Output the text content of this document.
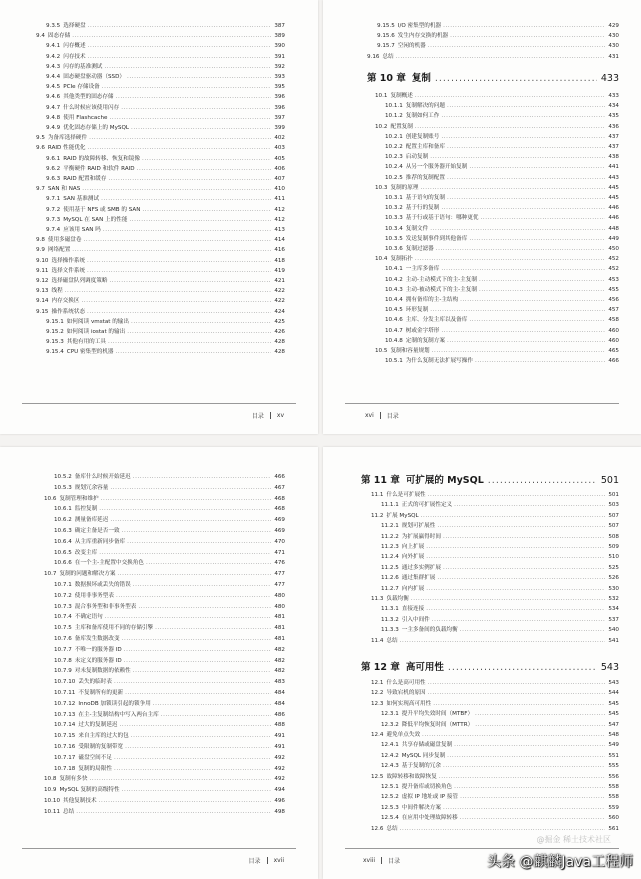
9.3.5 选择硬盘 .....	387
9.4 固态存储 .....	389
9.4.1 闪存概述 .....	390
9.4.2 闪存技术 .....	391
9.4.3 闪存的基准测试 .....	392
9.4.4 固态硬盘驱动器（SSD） .....	393
9.4.5 PCIe 存储设备 .....	395
9.4.6 其他类型的固态存储 .....	396
9.4.7 什么时候应该使用闪存 .....	396
9.4.8 使用 Flashcache .....	397
9.4.9 优化固态存储上的 MySQL .....	399
9.5 为备库选择硬件 .....	402
9.6 RAID 性能优化 .....	403
9.6.1 RAID 的故障转移、恢复和镜像 .....	405
9.6.2 平衡硬件 RAID 和软件 RAID .....	406
9.6.3 RAID 配置和缓存 .....	407
9.7 SAN 和 NAS .....	410
9.7.1 SAN 基准测试 .....	411
9.7.2 使用基于 NFS 或 SMB 的 SAN .....	412
9.7.3 MySQL 在 SAN 上的性能 .....	412
9.7.4 应该用 SAN 吗 .....	413
9.8 使用多磁盘卷 .....	414
9.9 网络配置 .....	416
9.10 选择操作系统 .....	418
9.11 选择文件系统 .....	419
9.12 选择磁盘队列调度策略 .....	421
9.13 线程 .....	422
9.14 内存交换区 .....	422
9.15 操作系统状态 .....	424
9.15.1 如何阅读 vmstat 的输出 .....	425
9.15.2 如何阅读 iostat 的输出 .....	426
9.15.3 其他有用的工具 .....	428
9.15.4 CPU 密集型的机器 .....	428
目录 xv
9.15.5 I/O 密集型的机器 .....	429
9.15.6 发生内存交换的机器 .....	430
9.15.7 空闲的机器 .....	430
9.16 总结 .....	431
第 10 章 复制 .....	433
10.1 复制概述 .....	433
10.1.1 复制解决的问题 .....	434
10.1.2 复制如何工作 .....	435
10.2 配置复制 .....	436
10.2.1 创建复制账号 .....	437
10.2.2 配置主库和备库 .....	437
10.2.3 启动复制 .....	438
10.2.4 从另一个服务器开始复制 .....	441
10.2.5 推荐的复制配置 .....	443
10.3 复制的原理 .....	445
10.3.1 基于语句的复制 .....	445
10.3.2 基于行的复制 .....	446
10.3.3 基于行或基于语句：哪种更优 .....	446
10.3.4 复制文件 .....	448
10.3.5 发送复制事件到其他备库 .....	449
10.3.6 复制过滤器 .....	450
10.4 复制拓扑 .....	452
10.4.1 一主库多备库 .....	452
10.4.2 主动-主动模式下的主-主复制 .....	453
10.4.3 主动-被动模式下的主-主复制 .....	455
10.4.4 拥有备库的主-主结构 .....	456
10.4.5 环形复制 .....	457
10.4.6 主库、分发主库以及备库 .....	458
10.4.7 树或金字塔形 .....	460
10.4.8 定制的复制方案 .....	460
10.5 复制和容量规划 .....	465
10.5.1 为什么复制无法扩展写操作 .....	466
xvi 目录
10.5.2 备库什么时候开始延迟 .....	466
10.5.3 规划冗余容量 .....	467
10.6 复制管理和维护 .....	468
10.6.1 监控复制 .....	468
10.6.2 测量备库延迟 .....	469
10.6.3 确定主备是否一致 .....	469
10.6.4 从主库重新同步备库 .....	470
10.6.5 改变主库 .....	471
10.6.6 在一个主-主配置中交换角色 .....	476
10.7 复制的问题和解决方案 .....	477
10.7.1 数据损坏或丢失的错误 .....	477
10.7.2 使用非事务型表 .....	480
10.7.3 混合事务型和非事务型表 .....	480
10.7.4 不确定语句 .....	481
10.7.5 主库和备库使用不同的存储引擎 .....	481
10.7.6 备库发生数据改变 .....	481
10.7.7 不唯一的服务器 ID .....	482
10.7.8 未定义的服务器 ID .....	482
10.7.9 对未复制数据的依赖性 .....	482
10.7.10 丢失的临时表 .....	483
10.7.11 不复制所有的更新 .....	484
10.7.12 InnoDB 加锁读引起的锁争用 .....	484
10.7.13 在主-主复制结构中写入两台主库 .....	486
10.7.14 过大的复制延迟 .....	488
10.7.15 来自主库的过大的包 .....	491
10.7.16 受限制的复制带宽 .....	491
10.7.17 磁盘空间不足 .....	492
10.7.18 复制的局限性 .....	492
10.8 复制有多快 .....	492
10.9 MySQL 复制的高级特性 .....	494
10.10 其他复制技术 .....	496
10.11 总结 .....	498
目录 xvii
第 11 章 可扩展的 MySQL .....	501
11.1 什么是可扩展性 .....	501
11.1.1 正式的可扩展性定义 .....	503
11.2 扩展 MySQL .....	507
11.2.1 规划可扩展性 .....	507
11.2.2 为扩展赢得时间 .....	508
11.2.3 向上扩展 .....	509
11.2.4 向外扩展 .....	510
11.2.5 通过多实例扩展 .....	525
11.2.6 通过集群扩展 .....	526
11.2.7 向内扩展 .....	530
11.3 负载均衡 .....	532
11.3.1 直接连接 .....	534
11.3.2 引入中间件 .....	537
11.3.3 一主多备间的负载均衡 .....	540
11.4 总结 .....	541
第 12 章 高可用性 .....	543
12.1 什么是高可用性 .....	543
12.2 导致宕机的原因 .....	544
12.3 如何实现高可用性 .....	545
12.3.1 提升平均失效时间（MTBF） .....	545
12.3.2 降低平均恢复时间（MTTR） .....	547
12.4 避免单点失效 .....	548
12.4.1 共享存储或磁盘复制 .....	549
12.4.2 MySQL 同步复制 .....	551
12.4.3 基于复制的冗余 .....	555
12.5 故障转移和故障恢复 .....	556
12.5.1 提升备库或切换角色 .....	558
12.5.2 虚拟 IP 地址或 IP 接管 .....	558
12.5.3 中间件解决方案 .....	559
12.5.4 在应用中处理故障转移 .....	560
12.6 总结 .....	561
@掘金 稀土技术社区
xviii 目录	头条 @麒麟Java工程师
